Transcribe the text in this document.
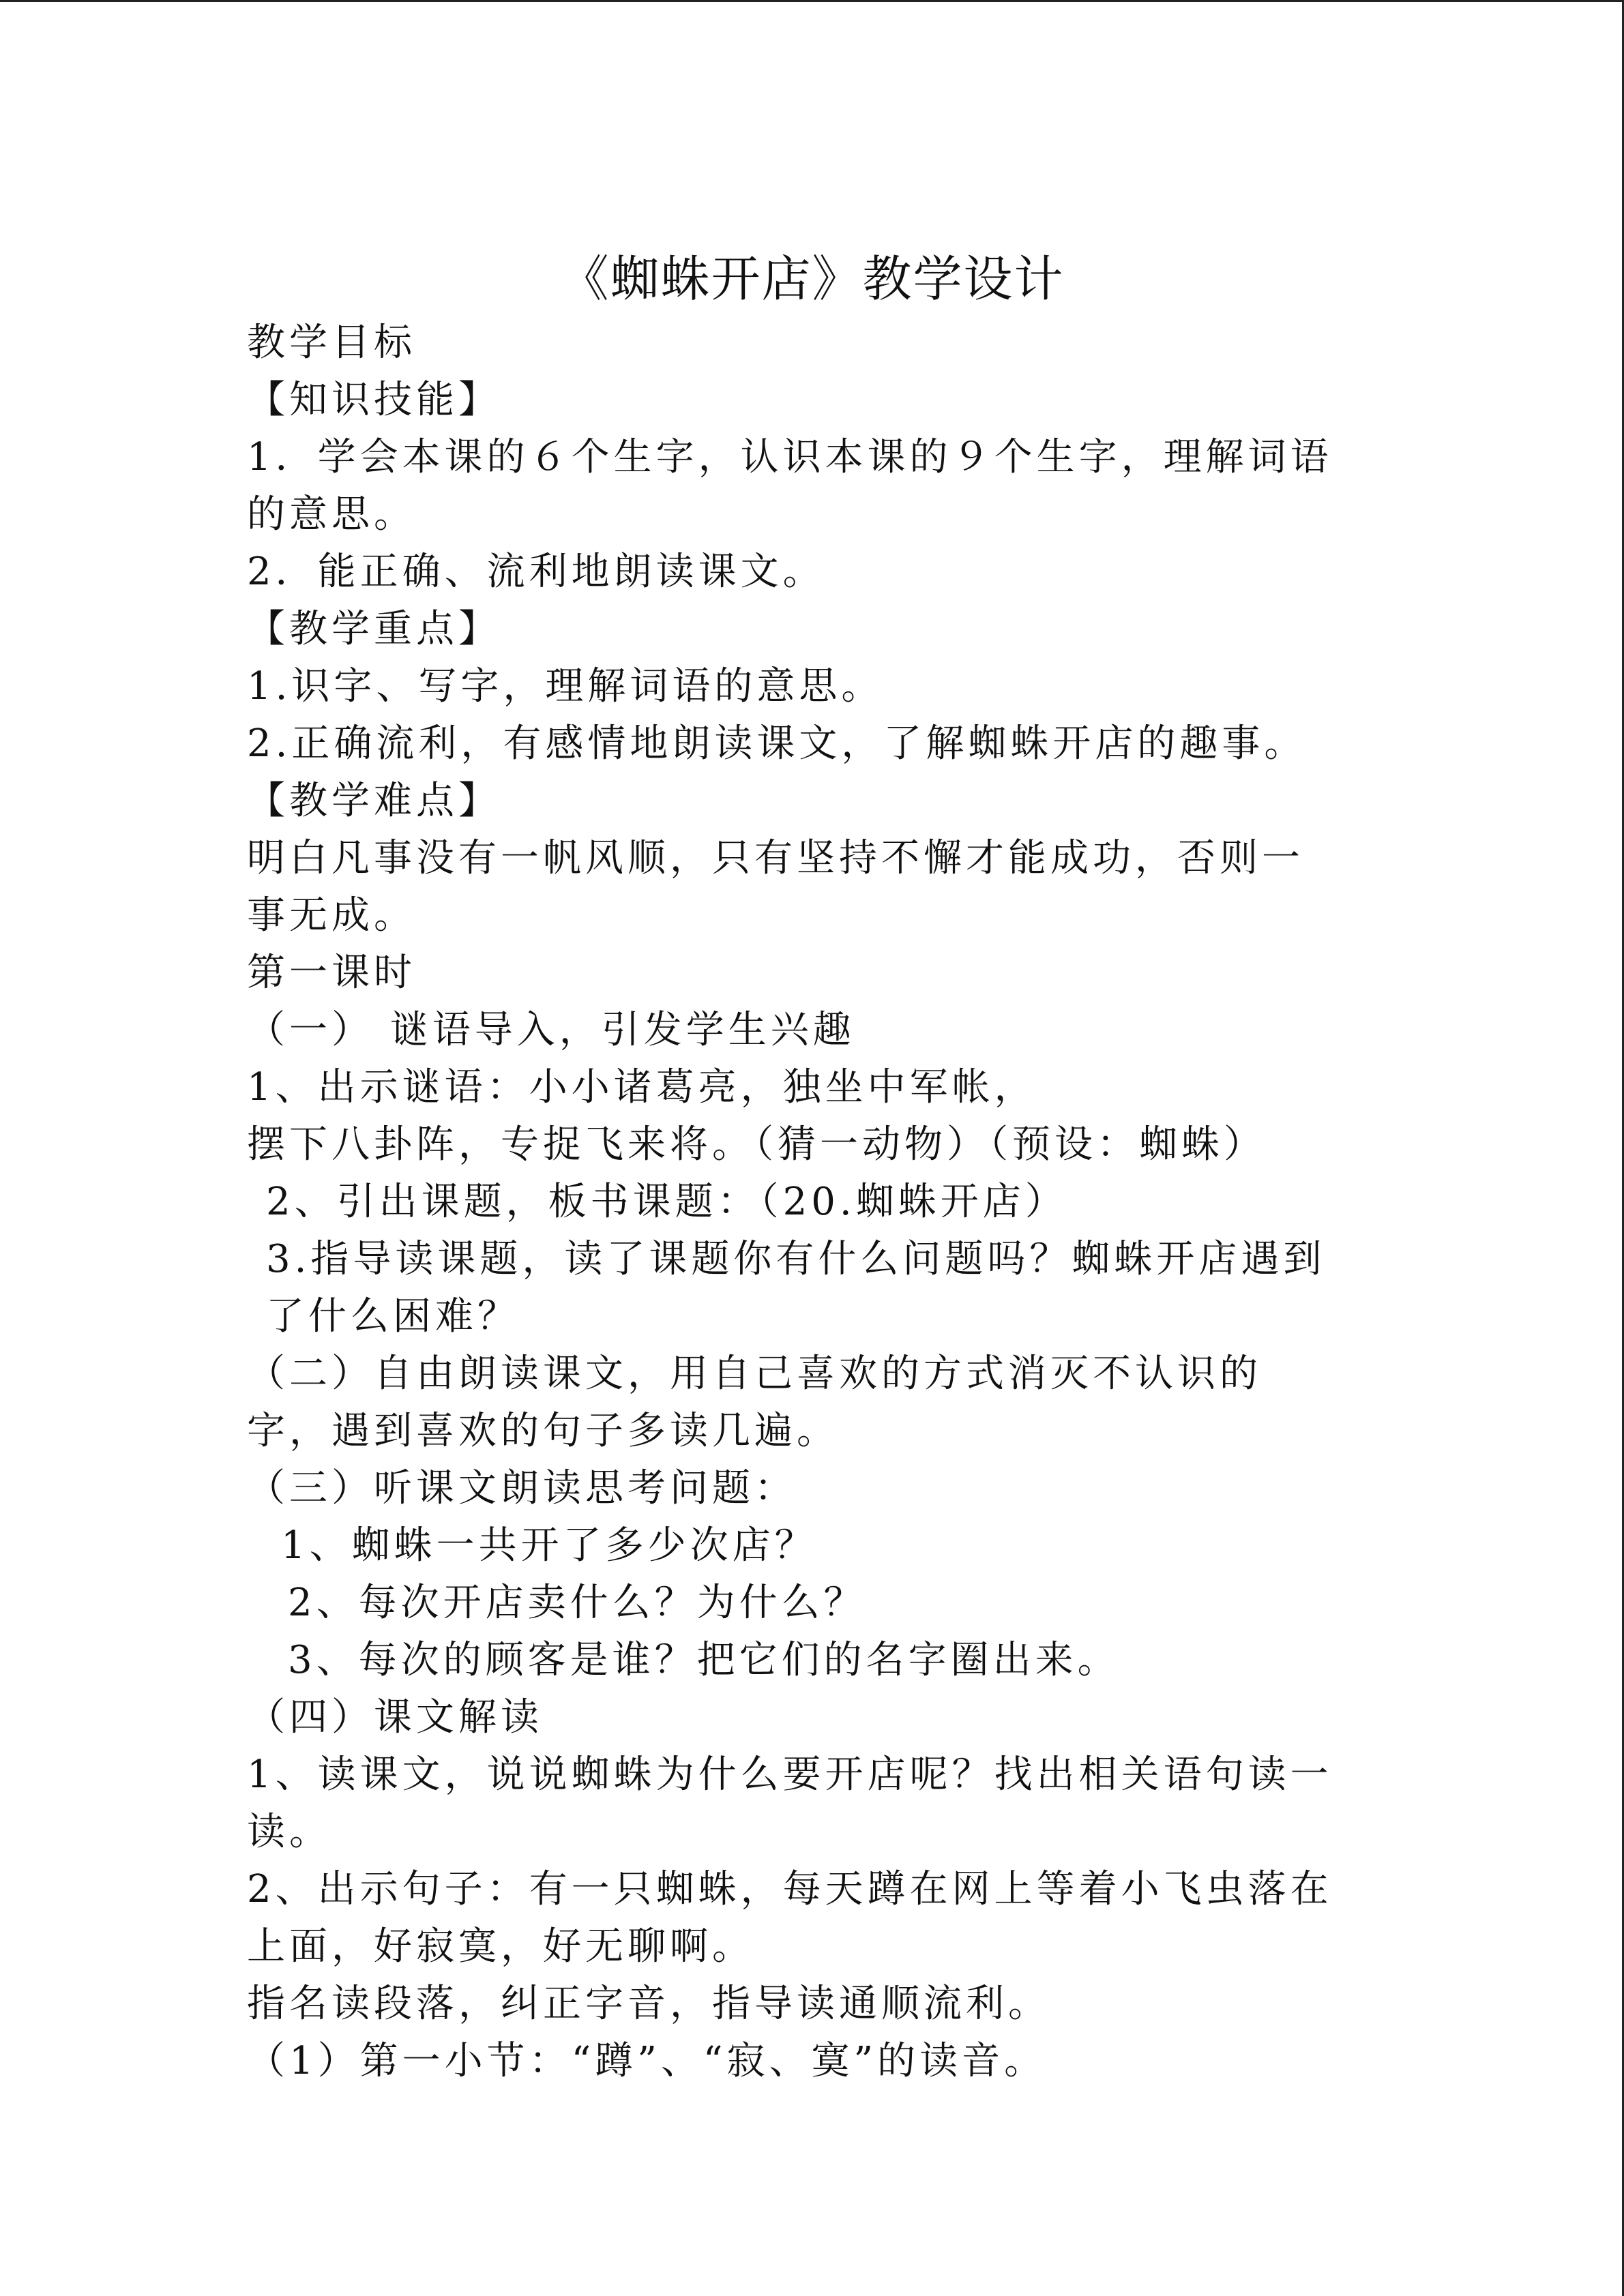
《蜘蛛开店》教学设计
教学目标
【知识技能】
1．学会本课的６个生字，认识本课的９个生字，理解词语
的意思。
2．能正确、流利地朗读课文。
【教学重点】
1.识字、写字，理解词语的意思。
2.正确流利，有感情地朗读课文，了解蜘蛛开店的趣事。
【教学难点】
明白凡事没有一帆风顺，只有坚持不懈才能成功，否则一
事无成。
第一课时
（一） 谜语导入，引发学生兴趣
1、出示谜语：小小诸葛亮，独坐中军帐，
摆下八卦阵，专捉飞来将。（猜一动物）（预设：蜘蛛）
2、引出课题，板书课题：（20.蜘蛛开店）
3.指导读课题，读了课题你有什么问题吗？蜘蛛开店遇到
了什么困难？
（二）自由朗读课文，用自己喜欢的方式消灭不认识的
字，遇到喜欢的句子多读几遍。
（三）听课文朗读思考问题：
1、蜘蛛一共开了多少次店？
2、每次开店卖什么？为什么？
3、每次的顾客是谁？把它们的名字圈出来。
（四）课文解读
1、读课文，说说蜘蛛为什么要开店呢？找出相关语句读一
读。
2、出示句子：有一只蜘蛛，每天蹲在网上等着小飞虫落在
上面，好寂寞，好无聊啊。
指名读段落，纠正字音，指导读通顺流利。
（1）第一小节：“蹲”、“寂、寞”的读音。
